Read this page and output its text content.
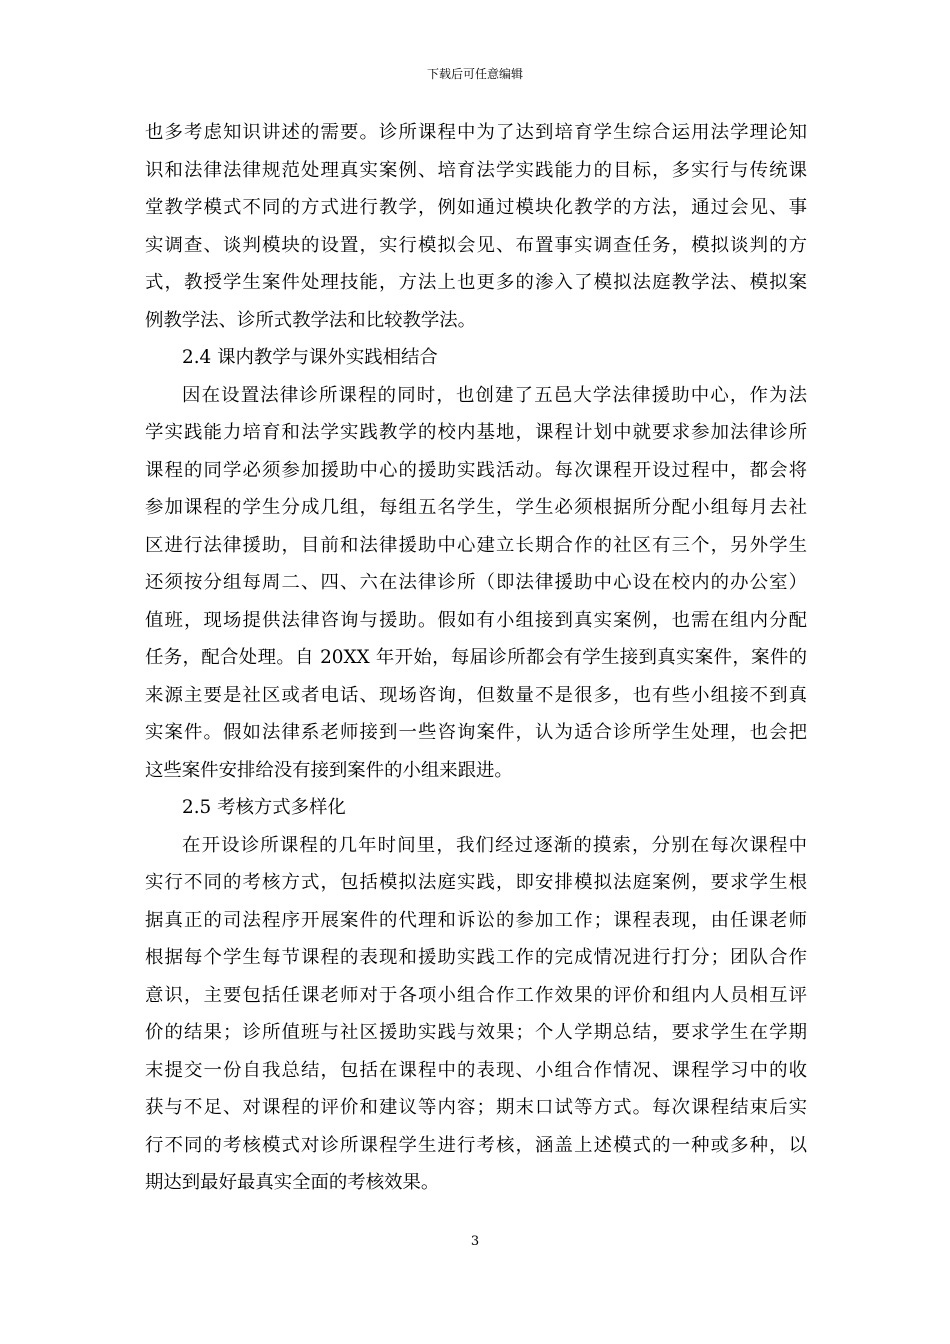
下载后可任意编辑
也多考虑知识讲述的需要。诊所课程中为了达到培育学生综合运用法学理论知
识和法律法律规范处理真实案例、培育法学实践能力的目标，多实行与传统课
堂教学模式不同的方式进行教学，例如通过模块化教学的方法，通过会见、事
实调查、谈判模块的设置，实行模拟会见、布置事实调查任务，模拟谈判的方
式，教授学生案件处理技能，方法上也更多的渗入了模拟法庭教学法、模拟案
例教学法、诊所式教学法和比较教学法。
2.4 课内教学与课外实践相结合
因在设置法律诊所课程的同时，也创建了五邑大学法律援助中心，作为法
学实践能力培育和法学实践教学的校内基地，课程计划中就要求参加法律诊所
课程的同学必须参加援助中心的援助实践活动。每次课程开设过程中，都会将
参加课程的学生分成几组，每组五名学生，学生必须根据所分配小组每月去社
区进行法律援助，目前和法律援助中心建立长期合作的社区有三个，另外学生
还须按分组每周二、四、六在法律诊所（即法律援助中心设在校内的办公室）
值班，现场提供法律咨询与援助。假如有小组接到真实案例，也需在组内分配
任务，配合处理。自 20XX 年开始，每届诊所都会有学生接到真实案件，案件的
来源主要是社区或者电话、现场咨询，但数量不是很多，也有些小组接不到真
实案件。假如法律系老师接到一些咨询案件，认为适合诊所学生处理，也会把
这些案件安排给没有接到案件的小组来跟进。
2.5 考核方式多样化
在开设诊所课程的几年时间里，我们经过逐渐的摸索，分别在每次课程中
实行不同的考核方式，包括模拟法庭实践，即安排模拟法庭案例，要求学生根
据真正的司法程序开展案件的代理和诉讼的参加工作；课程表现，由任课老师
根据每个学生每节课程的表现和援助实践工作的完成情况进行打分；团队合作
意识，主要包括任课老师对于各项小组合作工作效果的评价和组内人员相互评
价的结果；诊所值班与社区援助实践与效果；个人学期总结，要求学生在学期
末提交一份自我总结，包括在课程中的表现、小组合作情况、课程学习中的收
获与不足、对课程的评价和建议等内容；期末口试等方式。每次课程结束后实
行不同的考核模式对诊所课程学生进行考核，涵盖上述模式的一种或多种，以
期达到最好最真实全面的考核效果。
3
